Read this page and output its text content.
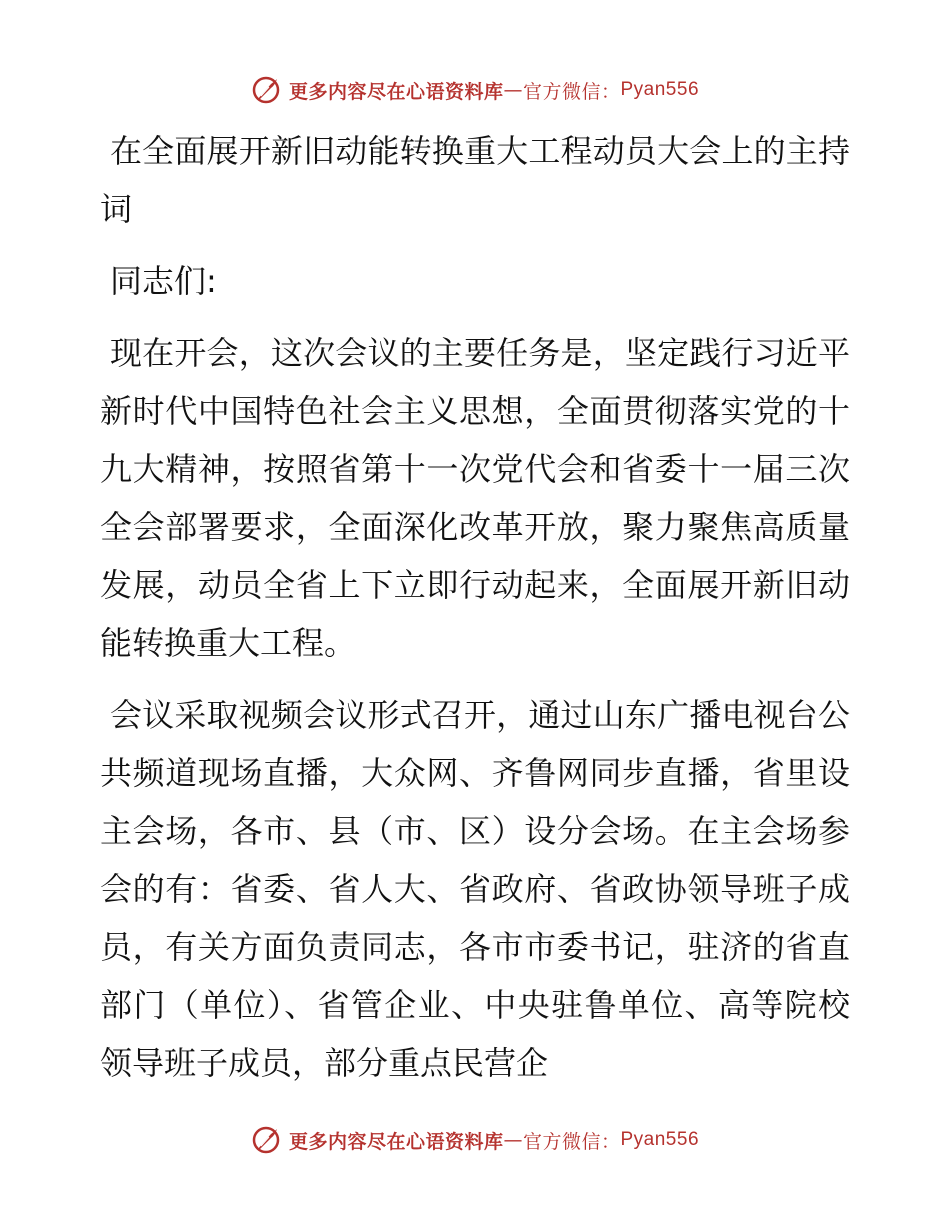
更多内容尽在心语资料库 — 官方微信： Pyan556

在全面展开新旧动能转换重大工程动员大会上的主持词

同志们:

现在开会，这次会议的主要任务是，坚定践行习近平新时代中国特色社会主义思想，全面贯彻落实党的十九大精神，按照省第十一次党代会和省委十一届三次全会部署要求，全面深化改革开放，聚力聚焦高质量发展，动员全省上下立即行动起来，全面展开新旧动能转换重大工程。

会议采取视频会议形式召开，通过山东广播电视台公共频道现场直播，大众网、齐鲁网同步直播，省里设主会场，各市、县（市、区）设分会场。在主会场参会的有：省委、省人大、省政府、省政协领导班子成员，有关方面负责同志，各市市委书记，驻济的省直部门（单位）、省管企业、中央驻鲁单位、高等院校领导班子成员，部分重点民营企

更多内容尽在心语资料库 — 官方微信： Pyan556
